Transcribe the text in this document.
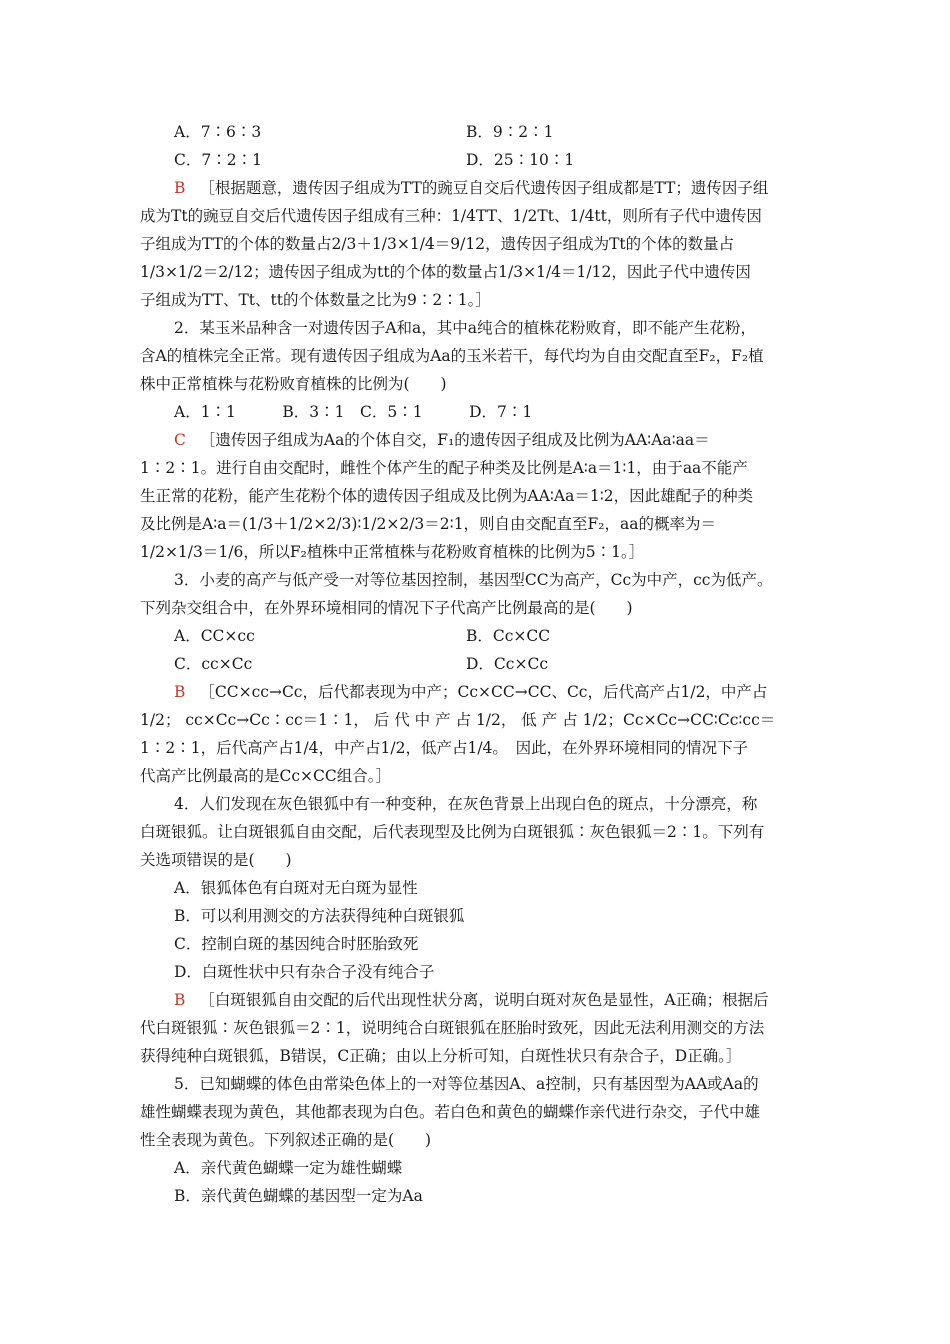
A．7∶6∶3	B．9∶2∶1
C．7∶2∶1	D．25∶10∶1
B ［根据题意，遗传因子组成为TT的豌豆自交后代遗传因子组成都是TT；遗传因子组
成为Tt的豌豆自交后代遗传因子组成有三种：1/4TT、1/2Tt、1/4tt，则所有子代中遗传因
子组成为TT的个体的数量占2/3＋1/3×1/4＝9/12，遗传因子组成为Tt的个体的数量占
1/3×1/2＝2/12；遗传因子组成为tt的个体的数量占1/3×1/4＝1/12，因此子代中遗传因
子组成为TT、Tt、tt的个体数量之比为9∶2∶1。］
2．某玉米品种含一对遗传因子A和a，其中a纯合的植株花粉败育，即不能产生花粉，
含A的植株完全正常。现有遗传因子组成为Aa的玉米若干，每代均为自由交配直至F₂，F₂植
株中正常植株与花粉败育植株的比例为(　　)
A．1∶1　　　B．3∶1　C．5∶1　　　D．7∶1
C ［遗传因子组成为Aa的个体自交，F₁的遗传因子组成及比例为AA∶Aa∶aa＝
1∶2∶1。进行自由交配时，雌性个体产生的配子种类及比例是A∶a＝1∶1，由于aa不能产
生正常的花粉，能产生花粉个体的遗传因子组成及比例为AA∶Aa＝1∶2，因此雄配子的种类
及比例是A∶a＝(1/3＋1/2×2/3)∶1/2×2/3＝2∶1，则自由交配直至F₂，aa的概率为＝
1/2×1/3＝1/6，所以F₂植株中正常植株与花粉败育植株的比例为5∶1。］
3．小麦的高产与低产受一对等位基因控制，基因型CC为高产，Cc为中产，cc为低产。
下列杂交组合中，在外界环境相同的情况下子代高产比例最高的是(　　)
A．CC×cc	B．Cc×CC
C．cc×Cc	D．Cc×Cc
B ［CC×cc→Cc，后代都表现为中产；Cc×CC→CC、Cc，后代高产占1/2，中产占
1/2； cc×Cc→Cc∶cc＝1∶1， 后 代 中 产 占 1/2， 低 产 占 1/2；Cc×Cc→CC∶Cc∶cc＝
1∶2∶1，后代高产占1/4，中产占1/2，低产占1/4。　因此，在外界环境相同的情况下子
代高产比例最高的是Cc×CC组合。］
4．人们发现在灰色银狐中有一种变种，在灰色背景上出现白色的斑点，十分漂亮，称
白斑银狐。让白斑银狐自由交配，后代表现型及比例为白斑银狐∶灰色银狐＝2∶1。下列有
关选项错误的是(　　)
A．银狐体色有白斑对无白斑为显性
B．可以利用测交的方法获得纯种白斑银狐
C．控制白斑的基因纯合时胚胎致死
D．白斑性状中只有杂合子没有纯合子
B ［白斑银狐自由交配的后代出现性状分离，说明白斑对灰色是显性，A正确；根据后
代白斑银狐∶灰色银狐＝2∶1，说明纯合白斑银狐在胚胎时致死，因此无法利用测交的方法
获得纯种白斑银狐，B错误，C正确；由以上分析可知，白斑性状只有杂合子，D正确。］
5．已知蝴蝶的体色由常染色体上的一对等位基因A、a控制，只有基因型为AA或Aa的
雄性蝴蝶表现为黄色，其他都表现为白色。若白色和黄色的蝴蝶作亲代进行杂交，子代中雄
性全表现为黄色。下列叙述正确的是(　　)
A．亲代黄色蝴蝶一定为雄性蝴蝶
B．亲代黄色蝴蝶的基因型一定为Aa
